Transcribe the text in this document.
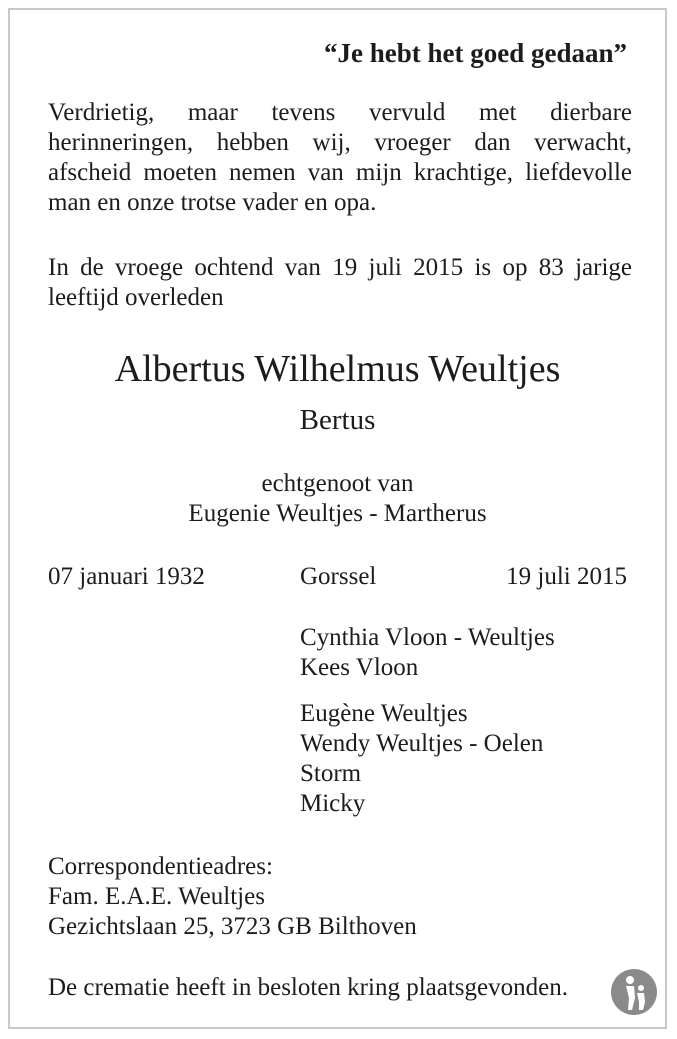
“Je hebt het goed gedaan”
Verdrietig, maar tevens vervuld met dierbare herinneringen, hebben wij, vroeger dan verwacht, afscheid moeten nemen van mijn krachtige, liefdevolle man en onze trotse vader en opa.
In de vroege ochtend van 19 juli 2015 is op 83 jarige leeftijd overleden
Albertus Wilhelmus Weultjes
Bertus
echtgenoot van
Eugenie Weultjes - Martherus
07 januari 1932	Gorssel	19 juli 2015
Cynthia Vloon - Weultjes
Kees Vloon
Eugène Weultjes
Wendy Weultjes - Oelen
Storm
Micky
Correspondentieadres:
Fam. E.A.E. Weultjes
Gezichtslaan 25, 3723 GB Bilthoven
De crematie heeft in besloten kring plaatsgevonden.
